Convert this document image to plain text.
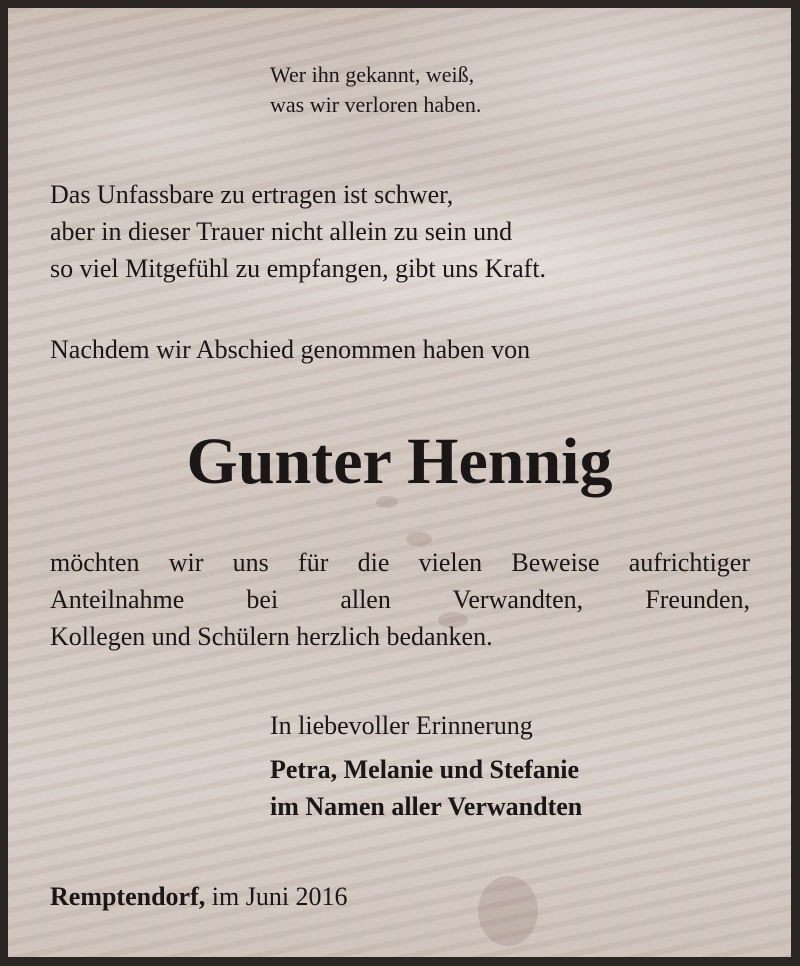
Wer ihn gekannt, weiß,
was wir verloren haben.
Das Unfassbare zu ertragen ist schwer,
aber in dieser Trauer nicht allein zu sein und
so viel Mitgefühl zu empfangen, gibt uns Kraft.
Nachdem wir Abschied genommen haben von
Gunter Hennig
möchten wir uns für die vielen Beweise aufrichtiger
Anteilnahme bei allen Verwandten, Freunden,
Kollegen und Schülern herzlich bedanken.
In liebevoller Erinnerung
Petra, Melanie und Stefanie
im Namen aller Verwandten
Remptendorf, im Juni 2016
